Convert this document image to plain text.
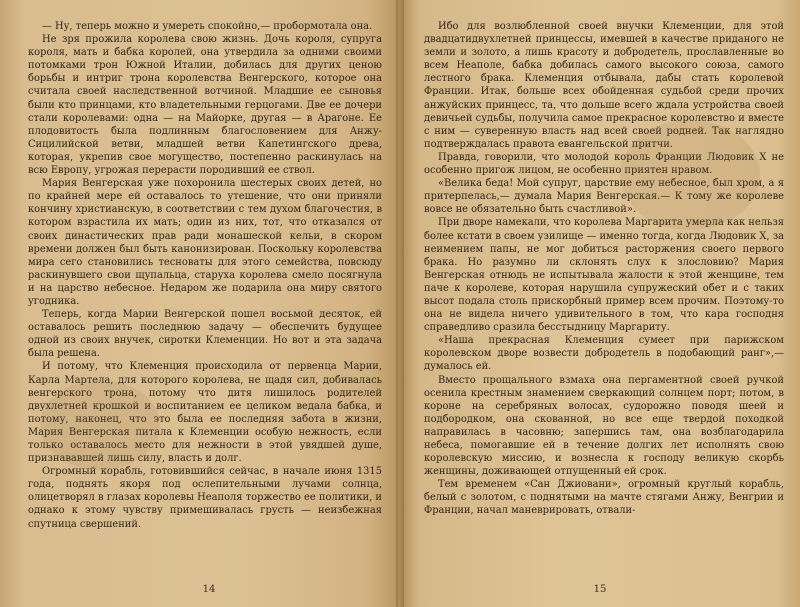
— Ну, теперь можно и умереть спокойно,— пробормотала она.

Не зря прожила королева свою жизнь. Дочь короля, супруга короля, мать и бабка королей, она утвердила за одними своими потомками трон Южной Италии, добилась для других ценою борьбы и интриг трона королевства Венгерского, которое она считала своей наследственной вотчиной. Младшие ее сыновья были кто принцами, кто владетельными герцогами. Две ее дочери стали королевами: одна — на Майорке, другая — в Арагоне. Ее плодовитость была подлинным благословением для Анжу-Сицилийской ветви, младшей ветви Капетингского древа, которая, укрепив свое могущество, постепенно раскинулась на всю Европу, угрожая перерасти породивший ее ствол.

Мария Венгерская уже похоронила шестерых своих детей, но по крайней мере ей оставалось то утешение, что они приняли кончину христианскую, в соответствии с тем духом благочестия, в котором взрастила их мать; один из них, тот, что отказался от своих династических прав ради монашеской кельи, в скором времени должен был быть канонизирован. Поскольку королевства мира сего становились тесноваты для этого семейства, повсюду раскинувшего свои щупальца, старуха королева смело посягнула и на царство небесное. Недаром же подарила она миру святого угодника.

Теперь, когда Марии Венгерской пошел восьмой десяток, ей оставалось решить последнюю задачу — обеспечить будущее одной из своих внучек, сиротки Клеменции. Но вот и эта задача была решена.

И потому, что Клеменция происходила от первенца Марии, Карла Мартела, для которого королева, не щадя сил, добивалась венгерского трона, потому что дитя лишилось родителей двухлетней крошкой и воспитанием ее целиком ведала бабка, и потому, наконец, что это была ее последняя забота в жизни, Мария Венгерская питала к Клеменции особую нежность, если только оставалось место для нежности в этой увядшей душе, признававшей лишь силу, власть и долг.

Огромный корабль, готовившийся сейчас, в начале июня 1315 года, поднять якоря под ослепительными лучами солнца, олицетворял в глазах королевы Неаполя торжество ее политики, и однако к этому чувству примешивалась грусть — неизбежная спутница свершений.

14

Ибо для возлюбленной своей внучки Клеменции, для этой двадцатидвухлетней принцессы, имевшей в качестве приданого не земли и золото, а лишь красоту и добродетель, прославленные во всем Неаполе, бабка добилась самого высокого союза, самого лестного брака. Клеменция отбывала, дабы стать королевой Франции. Итак, больше всех обойденная судьбой среди прочих анжуйских принцесс, та, что дольше всего ждала устройства своей девичьей судьбы, получила самое прекрасное королевство и вместе с ним — суверенную власть над всей своей родней. Так наглядно подтверждалась правота евангельской притчи.

Правда, говорили, что молодой король Франции Людовик X не особенно пригож лицом, не особенно приятен нравом.

«Велика беда! Мой супруг, царствие ему небесное, был хром, а я притерпелась,— думала Мария Венгерская.— К тому же королеве вовсе не обязательно быть счастливой».

При дворе намекали, что королева Маргарита умерла как нельзя более кстати в своем узилище — именно тогда, когда Людовик X, за неимением папы, не мог добиться расторжения своего первого брака. Но разумно ли склонять слух к злословию? Мария Венгерская отнюдь не испытывала жалости к этой женщине, тем паче к королеве, которая нарушила супружеский обет и с таких высот подала столь прискорбный пример всем прочим. Поэтому-то она не видела ничего удивительного в том, что кара господня справедливо сразила бесстыдницу Маргариту.

«Наша прекрасная Клеменция сумеет при парижском королевском дворе возвести добродетель в подобающий ранг»,— думалось ей.

Вместо прощального взмаха она пергаментной своей ручкой осенила крестным знамением сверкающий солнцем порт; потом, в короне на серебряных волосах, судорожно поводя шеей и подбородком, она скованной, но все еще твердой походкой направилась в часовню; запершись там, она возблагодарила небеса, помогавшие ей в течение долгих лет исполнять свою королевскую миссию, и вознесла к господу великую скорбь женщины, доживающей отпущенный ей срок.

Тем временем «Сан Джиовани», огромный круглый корабль, белый с золотом, с поднятыми на мачте стягами Анжу, Венгрии и Франции, начал маневрировать, отвали-

15
